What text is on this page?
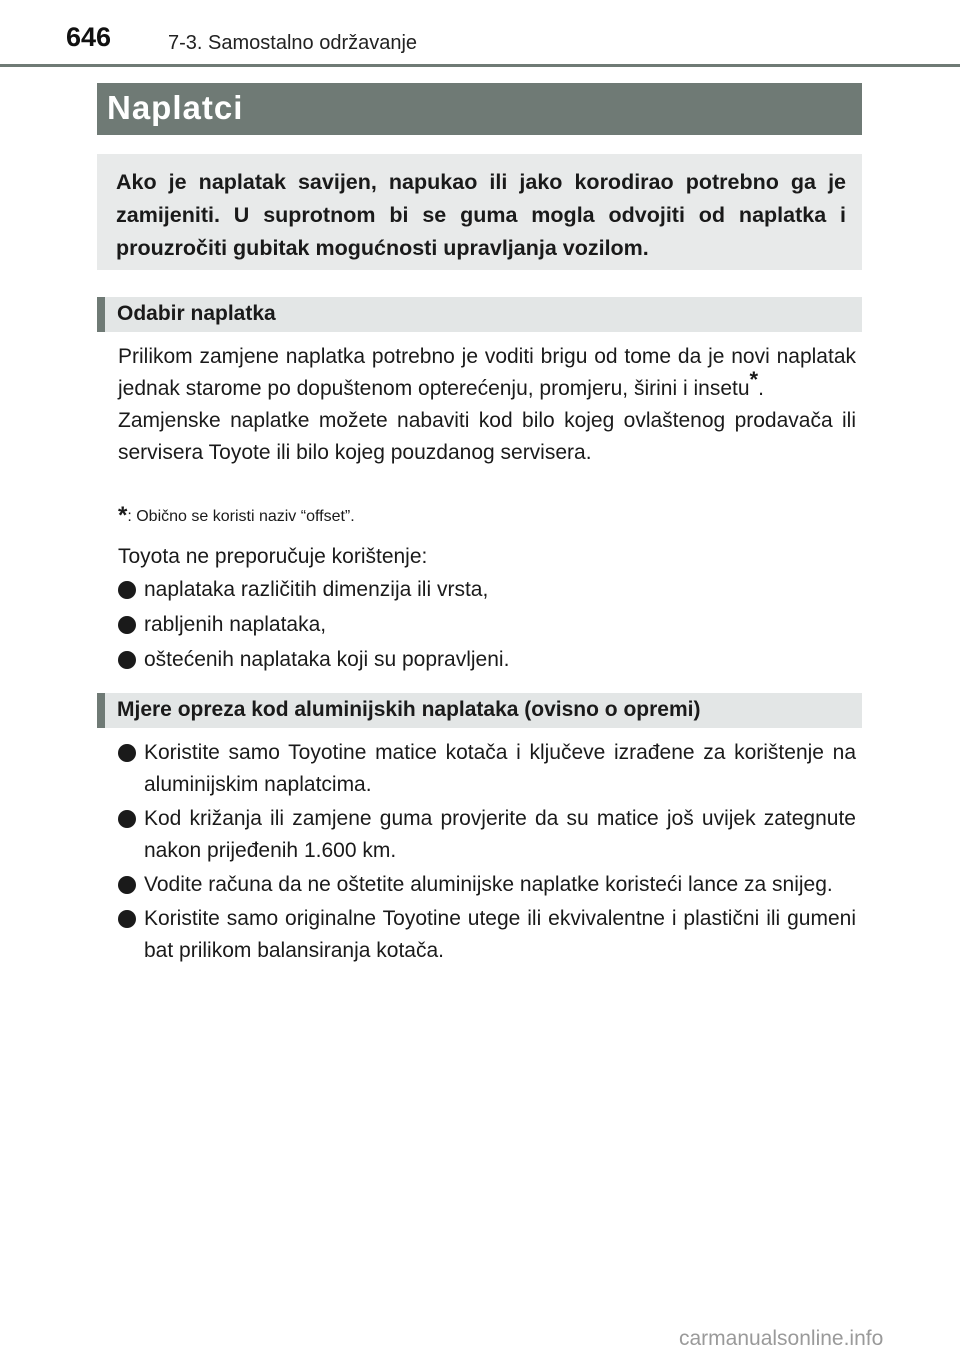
646	7-3. Samostalno održavanje
Naplatci

Ako je naplatak savijen, napukao ili jako korodirao potrebno ga je zamijeniti. U suprotnom bi se guma mogla odvojiti od naplatka i prouzročiti gubitak mogućnosti upravljanja vozilom.

Odabir naplatka

Prilikom zamjene naplatka potrebno je voditi brigu od tome da je novi naplatak jednak starome po dopuštenom opterećenju, promjeru, širini i insetu*.

Zamjenske naplatke možete nabaviti kod bilo kojeg ovlaštenog prodavača ili servisera Toyote ili bilo kojeg pouzdanog servisera.

*: Obično se koristi naziv “offset”.

Toyota ne preporučuje korištenje:

naplataka različitih dimenzija ili vrsta,
rabljenih naplataka,
oštećenih naplataka koji su popravljeni.
Mjere opreza kod aluminijskih naplataka (ovisno o opremi)
Koristite samo Toyotine matice kotača i ključeve izrađene za korištenje na aluminijskim naplatcima.
Kod križanja ili zamjene guma provjerite da su matice još uvijek zategnute nakon prijeđenih 1.600 km.
Vodite računa da ne oštetite aluminijske naplatke koristeći lance za snijeg.
Koristite samo originalne Toyotine utege ili ekvivalentne i plastični ili gumeni bat prilikom balansiranja kotača.
carmanualsonline.info
